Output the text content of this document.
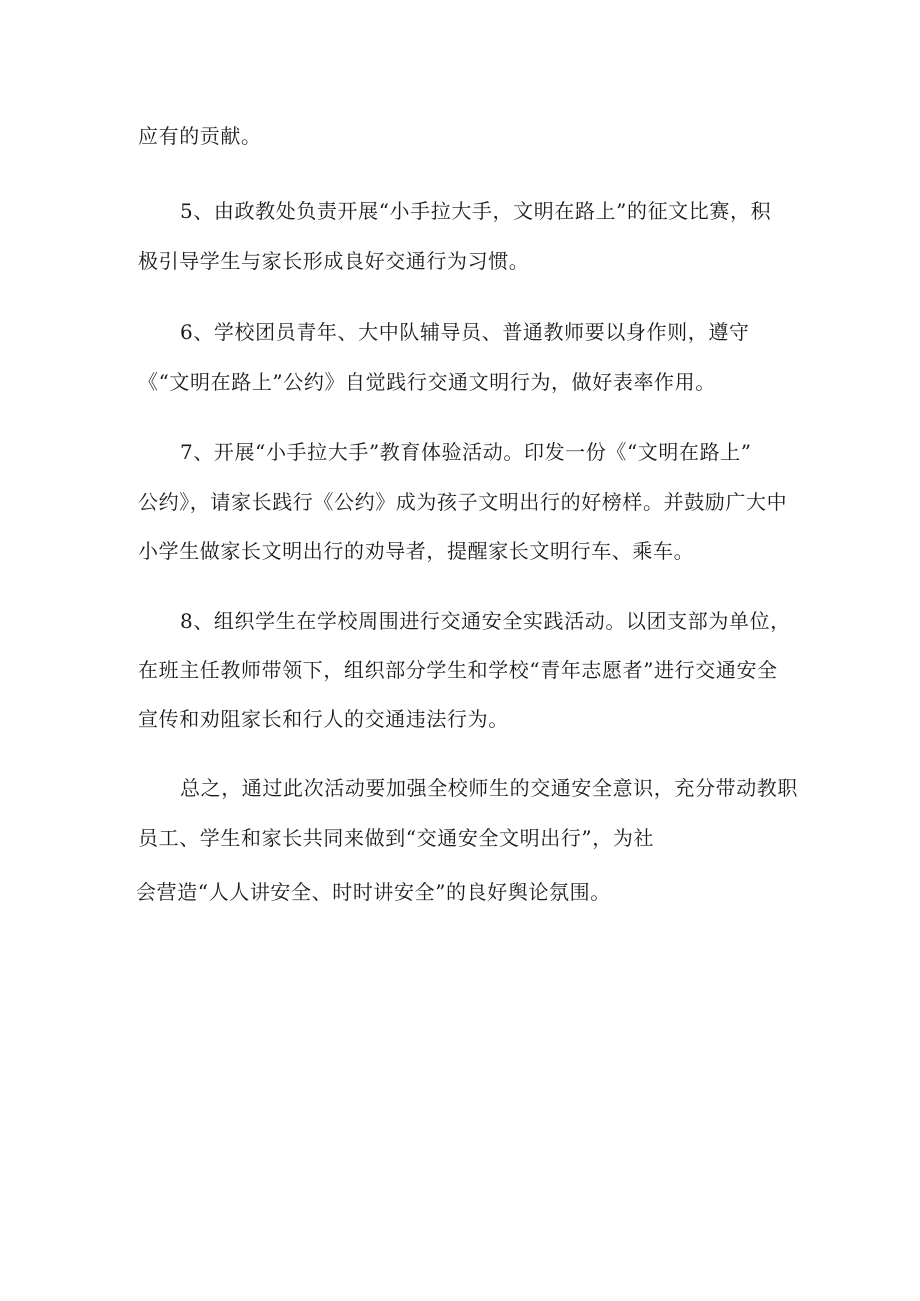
应有的贡献。
5、由政教处负责开展“小手拉大手，文明在路上”的征文比赛，积
极引导学生与家长形成良好交通行为习惯。
6、学校团员青年、大中队辅导员、普通教师要以身作则，遵守
《“文明在路上”公约》自觉践行交通文明行为，做好表率作用。
7、开展“小手拉大手”教育体验活动。印发一份《“文明在路上”
公约》，请家长践行《公约》成为孩子文明出行的好榜样。并鼓励广大中
小学生做家长文明出行的劝导者，提醒家长文明行车、乘车。
8、组织学生在学校周围进行交通安全实践活动。以团支部为单位，
在班主任教师带领下，组织部分学生和学校“青年志愿者”进行交通安全
宣传和劝阻家长和行人的交通违法行为。
总之，通过此次活动要加强全校师生的交通安全意识，充分带动教职
员工、学生和家长共同来做到“交通安全文明出行”，为社
会营造“人人讲安全、时时讲安全”的良好舆论氛围。
